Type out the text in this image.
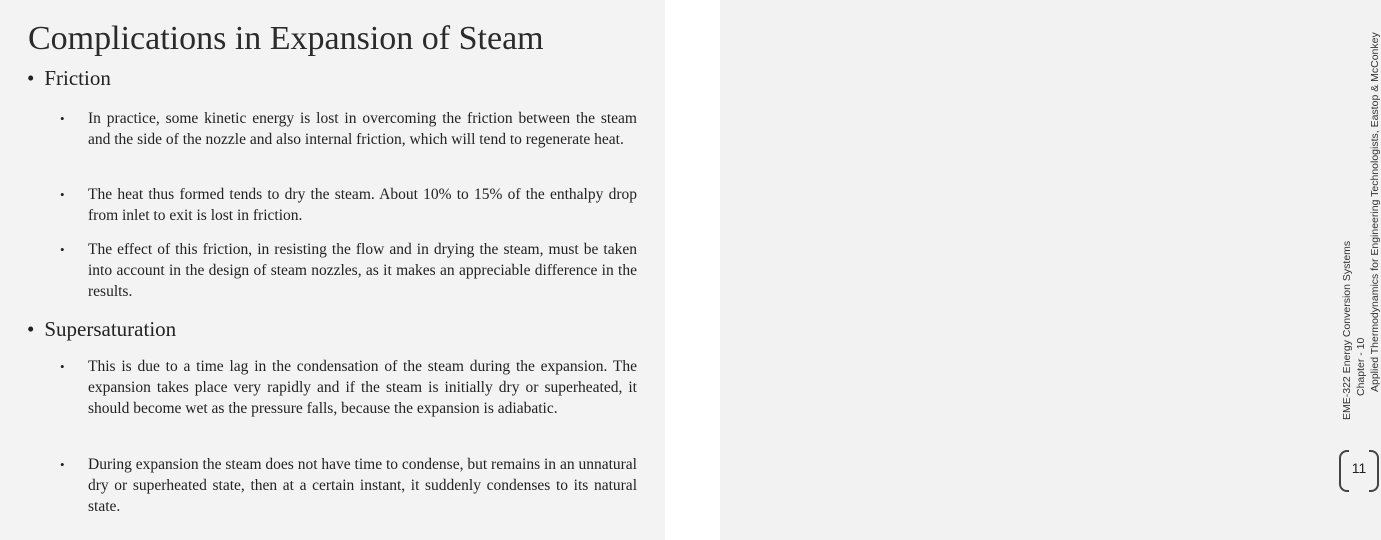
Complications in Expansion of Steam
• Friction
• In practice, some kinetic energy is lost in overcoming the friction between the steam and the side of the nozzle and also internal friction, which will tend to regenerate heat.
• The heat thus formed tends to dry the steam. About 10% to 15% of the enthalpy drop from inlet to exit is lost in friction.
• The effect of this friction, in resisting the flow and in drying the steam, must be taken into account in the design of steam nozzles, as it makes an appreciable difference in the results.
• Supersaturation
• This is due to a time lag in the condensation of the steam during the expansion. The expansion takes place very rapidly and if the steam is initially dry or superheated, it should become wet as the pressure falls, because the expansion is adiabatic.
• During expansion the steam does not have time to condense, but remains in an unnatural dry or superheated state, then at a certain instant, it suddenly condenses to its natural state.
EME-322 Energy Conversion Systems Chapter - 10 Applied Thermodynamics for Engineering Technologists, Eastop & McConkey
11
